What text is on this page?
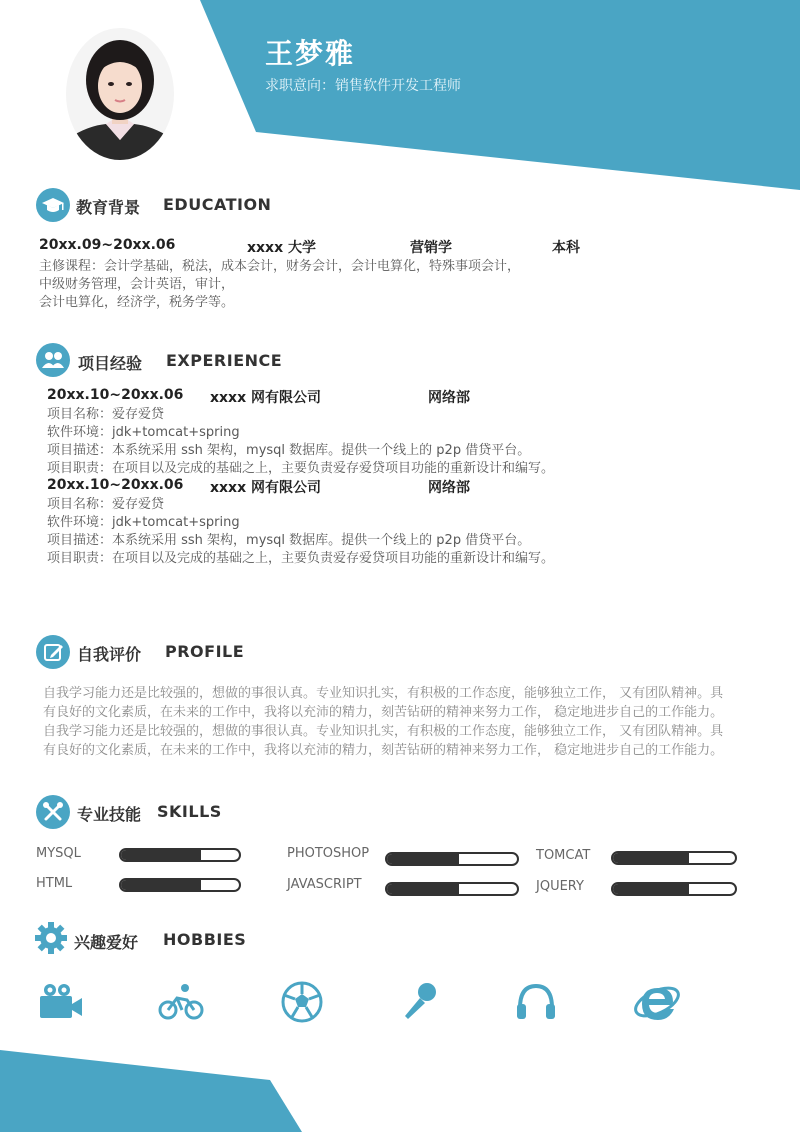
王梦雅
求职意向：销售软件开发工程师
教育背景 EDUCATION
20xx.09~20xx.06	xxxx 大学	营销学	本科
主修课程：会计学基础，税法，成本会计，财务会计，会计电算化，特殊事项会计，
中级财务管理，会计英语，审计，
会计电算化，经济学，税务学等。
项目经验 EXPERIENCE
20xx.10~20xx.06 xxxx 网有限公司	网络部
项目名称：爱存爱贷
软件环境：jdk+tomcat+spring
项目描述：本系统采用 ssh 架构，mysql 数据库。提供一个线上的 p2p 借贷平台。
项目职责：在项目以及完成的基础之上，主要负责爱存爱贷项目功能的重新设计和编写。
20xx.10~20xx.06 xxxx 网有限公司	网络部
项目名称：爱存爱贷
软件环境：jdk+tomcat+spring
项目描述：本系统采用 ssh 架构，mysql 数据库。提供一个线上的 p2p 借贷平台。
项目职责：在项目以及完成的基础之上，主要负责爱存爱贷项目功能的重新设计和编写。
自我评价 PROFILE
自我学习能力还是比较强的，想做的事很认真。专业知识扎实，有积极的工作态度，能够独立工作， 又有团队精神。具
有良好的文化素质，在未来的工作中，我将以充沛的精力，刻苦钻研的精神来努力工作， 稳定地进步自己的工作能力。
自我学习能力还是比较强的，想做的事很认真。专业知识扎实，有积极的工作态度，能够独立工作， 又有团队精神。具
有良好的文化素质，在未来的工作中，我将以充沛的精力，刻苦钻研的精神来努力工作， 稳定地进步自己的工作能力。
专业技能 SKILLS
MYSQL	PHOTOSHOP	TOMCAT
HTML	JAVASCRIPT	JQUERY
兴趣爱好 HOBBIES
